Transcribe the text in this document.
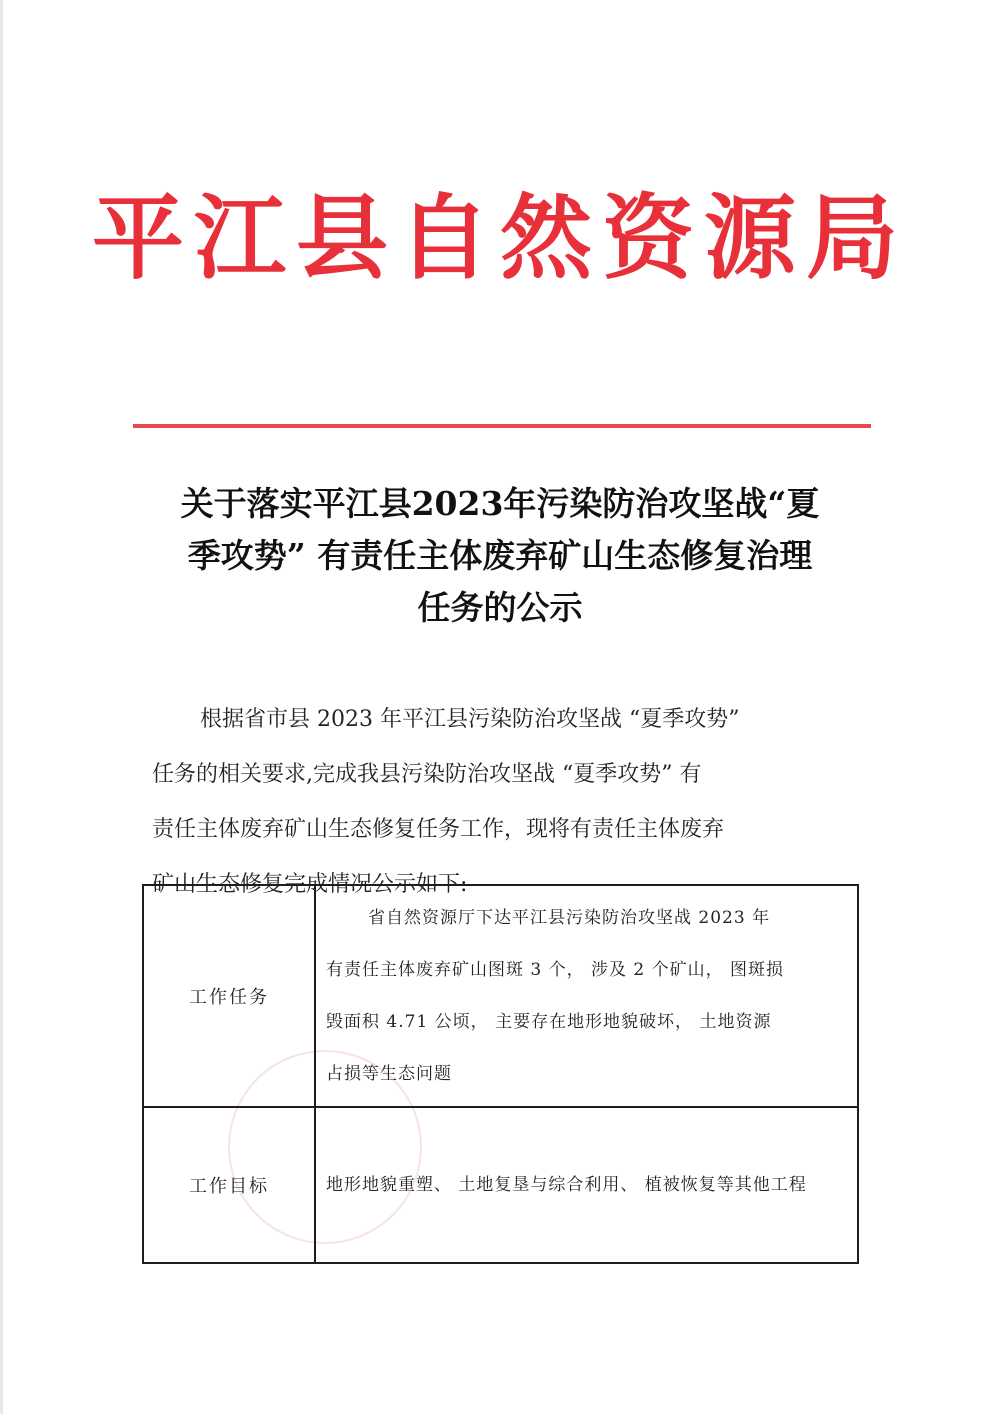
平江县自然资源局
关于落实平江县2023年污染防治攻坚战“夏
季攻势” 有责任主体废弃矿山生态修复治理
任务的公示
根据省市县 2023 年平江县污染防治攻坚战 “夏季攻势”
任务的相关要求,完成我县污染防治攻坚战 “夏季攻势” 有
责任主体废弃矿山生态修复任务工作，现将有责任主体废弃
矿山生态修复完成情况公示如下:
工作任务	省自然资源厅下达平江县污染防治攻坚战 2023 年
有责任主体废弃矿山图斑 3 个， 涉及 2 个矿山， 图斑损
毁面积 4.71 公顷， 主要存在地形地貌破坏， 土地资源
占损等生态问题

工作目标	地形地貌重塑、 土地复垦与综合利用、 植被恢复等其他工程
